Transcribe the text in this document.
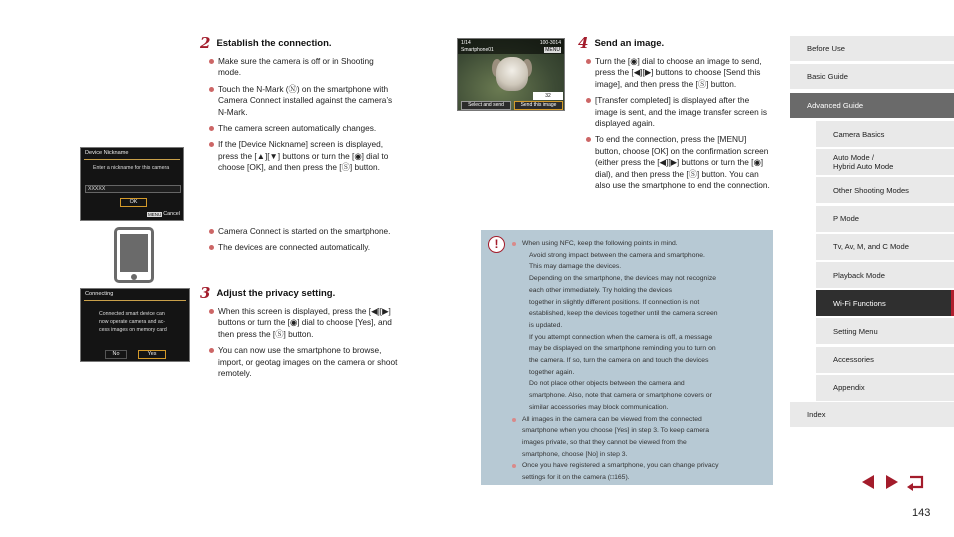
2 Establish the connection.
Make sure the camera is off or in Shooting mode.
Touch the N-Mark (Ⓝ) on the smartphone with Camera Connect installed against the camera’s N-Mark.
The camera screen automatically changes.
If the [Device Nickname] screen is displayed, press the [▲][▼] buttons or turn the [◉] dial to choose [OK], and then press the [Ⓢ] button.
Camera Connect is started on the smartphone.
The devices are connected automatically.
Device Nickname
Enter a nickname for this camera
XXXXX
OK
MENU Cancel
3 Adjust the privacy setting.
When this screen is displayed, press the [◀][▶] buttons or turn the [◉] dial to choose [Yes], and then press the [Ⓢ] button.
You can now use the smartphone to browse, import, or geotag images on the camera or shoot remotely.
Connecting
Connected smart device can
now operate camera and ac-
cess images on memory card
No	Yes
1/14	100-3014
Smartphone01	MENU
Select and send	Send this image
32
4 Send an image.
Turn the [◉] dial to choose an image to send, press the [◀][▶] buttons to choose [Send this image], and then press the [Ⓢ] button.
[Transfer completed] is displayed after the image is sent, and the image transfer screen is displayed again.
To end the connection, press the [MENU] button, choose [OK] on the confirmation screen (either press the [◀][▶] buttons or turn the [◉] dial), and then press the [Ⓢ] button. You can also use the smartphone to end the connection.
!	When using NFC, keep the following points in mind.
Avoid strong impact between the camera and smartphone.
This may damage the devices.
Depending on the smartphone, the devices may not recognize
each other immediately. Try holding the devices
together in slightly different positions. If connection is not
established, keep the devices together until the camera screen
is updated.
If you attempt connection when the camera is off, a message
may be displayed on the smartphone reminding you to turn on
the camera. If so, turn the camera on and touch the devices
together again.
Do not place other objects between the camera and
smartphone. Also, note that camera or smartphone covers or
similar accessories may block communication.
All images in the camera can be viewed from the connected
smartphone when you choose [Yes] in step 3. To keep camera
images private, so that they cannot be viewed from the
smartphone, choose [No] in step 3.
Once you have registered a smartphone, you can change privacy
settings for it on the camera (□165).
Before Use
Basic Guide
Advanced Guide
Camera Basics
Auto Mode /
Hybrid Auto Mode
Other Shooting Modes
P Mode
Tv, Av, M, and C Mode
Playback Mode
Wi-Fi Functions
Setting Menu
Accessories
Appendix
Index
143
